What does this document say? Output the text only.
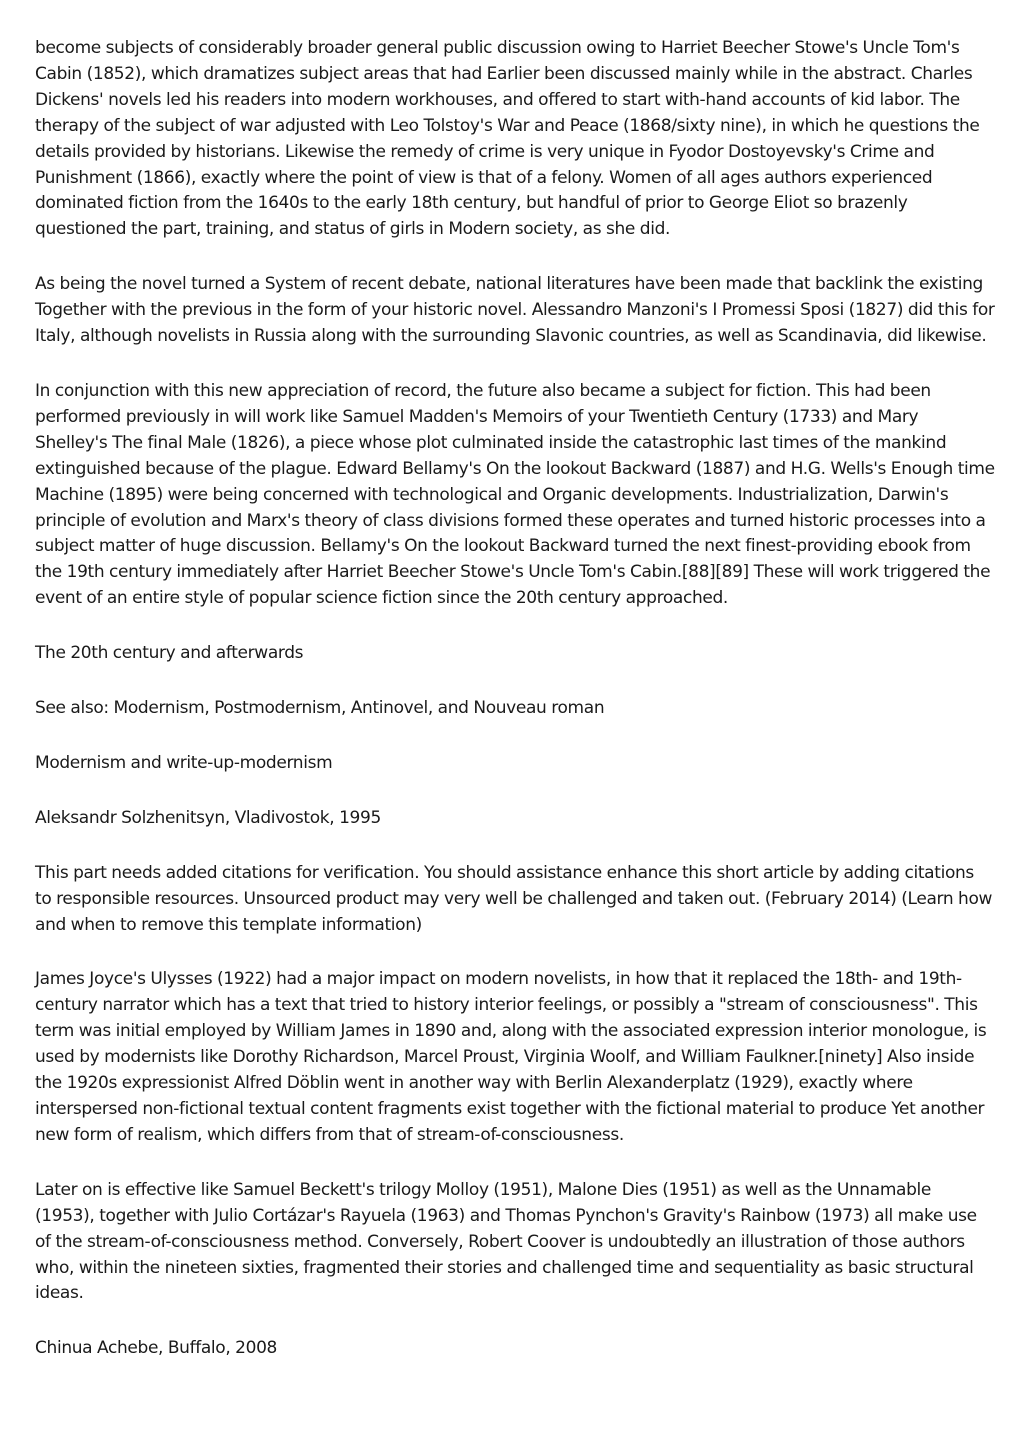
become subjects of considerably broader general public discussion owing to Harriet Beecher Stowe's Uncle Tom's Cabin (1852), which dramatizes subject areas that had Earlier been discussed mainly while in the abstract. Charles Dickens' novels led his readers into modern workhouses, and offered to start with-hand accounts of kid labor. The therapy of the subject of war adjusted with Leo Tolstoy's War and Peace (1868/sixty nine), in which he questions the details provided by historians. Likewise the remedy of crime is very unique in Fyodor Dostoyevsky's Crime and Punishment (1866), exactly where the point of view is that of a felony. Women of all ages authors experienced dominated fiction from the 1640s to the early 18th century, but handful of prior to George Eliot so brazenly questioned the part, training, and status of girls in Modern society, as she did.

As being the novel turned a System of recent debate, national literatures have been made that backlink the existing Together with the previous in the form of your historic novel. Alessandro Manzoni's I Promessi Sposi (1827) did this for Italy, although novelists in Russia along with the surrounding Slavonic countries, as well as Scandinavia, did likewise.

In conjunction with this new appreciation of record, the future also became a subject for fiction. This had been performed previously in will work like Samuel Madden's Memoirs of your Twentieth Century (1733) and Mary Shelley's The final Male (1826), a piece whose plot culminated inside the catastrophic last times of the mankind extinguished because of the plague. Edward Bellamy's On the lookout Backward (1887) and H.G. Wells's Enough time Machine (1895) were being concerned with technological and Organic developments. Industrialization, Darwin's principle of evolution and Marx's theory of class divisions formed these operates and turned historic processes into a subject matter of huge discussion. Bellamy's On the lookout Backward turned the next finest-providing ebook from the 19th century immediately after Harriet Beecher Stowe's Uncle Tom's Cabin.[88][89] These will work triggered the event of an entire style of popular science fiction since the 20th century approached.

The 20th century and afterwards

See also: Modernism, Postmodernism, Antinovel, and Nouveau roman

Modernism and write-up-modernism

Aleksandr Solzhenitsyn, Vladivostok, 1995

This part needs added citations for verification. You should assistance enhance this short article by adding citations to responsible resources. Unsourced product may very well be challenged and taken out. (February 2014) (Learn how and when to remove this template information)

James Joyce's Ulysses (1922) had a major impact on modern novelists, in how that it replaced the 18th- and 19th-century narrator which has a text that tried to history interior feelings, or possibly a "stream of consciousness". This term was initial employed by William James in 1890 and, along with the associated expression interior monologue, is used by modernists like Dorothy Richardson, Marcel Proust, Virginia Woolf, and William Faulkner.[ninety] Also inside the 1920s expressionist Alfred Döblin went in another way with Berlin Alexanderplatz (1929), exactly where interspersed non-fictional textual content fragments exist together with the fictional material to produce Yet another new form of realism, which differs from that of stream-of-consciousness.

Later on is effective like Samuel Beckett's trilogy Molloy (1951), Malone Dies (1951) as well as the Unnamable (1953), together with Julio Cortázar's Rayuela (1963) and Thomas Pynchon's Gravity's Rainbow (1973) all make use of the stream-of-consciousness method. Conversely, Robert Coover is undoubtedly an illustration of those authors who, within the nineteen sixties, fragmented their stories and challenged time and sequentiality as basic structural ideas.

Chinua Achebe, Buffalo, 2008
